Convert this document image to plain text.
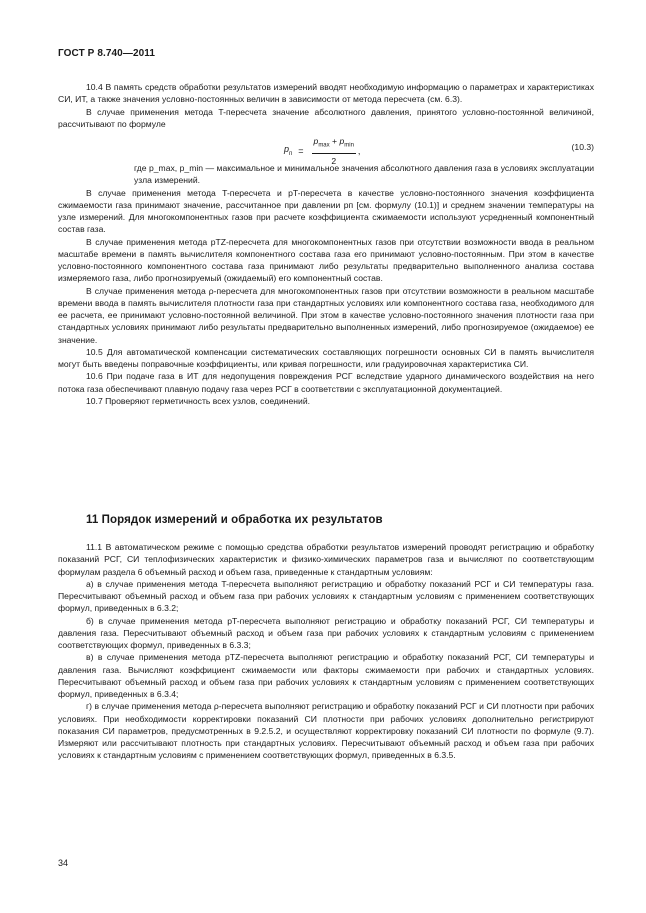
ГОСТ Р 8.740—2011

10.4 В память средств обработки результатов измерений вводят необходимую информацию о параметрах и характеристиках СИ, ИТ, а также значения условно-постоянных величин в зависимости от метода пересчета (см. 6.3).

В случае применения метода T-пересчета значение абсолютного давления, принятого условно-постоянной величиной, рассчитывают по формуле

$p_п = \frac{p_{max} + p_{min}}{2}$ ,	(10.3)

где p_max, p_min — максимальное и минимальное значения абсолютного давления газа в условиях эксплуатации узла измерений.

В случае применения метода T-пересчета и pT-пересчета в качестве условно-постоянного значения коэффициента сжимаемости газа принимают значение, рассчитанное при давлении pп [см. формулу (10.1)] и среднем значении температуры на узле измерений. Для многокомпонентных газов при расчете коэффициента сжимаемости используют усредненный компонентный состав газа.

В случае применения метода pTZ-пересчета для многокомпонентных газов при отсутствии возможности ввода в реальном масштабе времени в память вычислителя компонентного состава газа его принимают условно-постоянным. При этом в качестве условно-постоянного компонентного состава газа принимают либо результаты предварительно выполненного анализа состава измеряемого газа, либо прогнозируемый (ожидаемый) его компонентный состав.

В случае применения метода ρ-пересчета для многокомпонентных газов при отсутствии возможности в реальном масштабе времени ввода в память вычислителя плотности газа при стандартных условиях или компонентного состава газа, необходимого для ее расчета, ее принимают условно-постоянной величиной. При этом в качестве условно-постоянного значения плотности газа при стандартных условиях принимают либо результаты предварительно выполненных измерений, либо прогнозируемое (ожидаемое) ее значение.

10.5 Для автоматической компенсации систематических составляющих погрешности основных СИ в память вычислителя могут быть введены поправочные коэффициенты, или кривая погрешности, или градуировочная характеристика СИ.

10.6 При подаче газа в ИТ для недопущения повреждения РСГ вследствие ударного динамического воздействия на него потока газа обеспечивают плавную подачу газа через РСГ в соответствии с эксплуатационной документацией.

10.7 Проверяют герметичность всех узлов, соединений.

11 Порядок измерений и обработка их результатов

11.1 В автоматическом режиме с помощью средства обработки результатов измерений проводят регистрацию и обработку показаний РСГ, СИ теплофизических характеристик и физико-химических параметров газа и вычисляют по соответствующим формулам раздела 6 объемный расход и объем газа, приведенные к стандартным условиям:

а) в случае применения метода T-пересчета выполняют регистрацию и обработку показаний РСГ и СИ температуры газа. Пересчитывают объемный расход и объем газа при рабочих условиях к стандартным условиям с применением соответствующих формул, приведенных в 6.3.2;

б) в случае применения метода pT-пересчета выполняют регистрацию и обработку показаний РСГ, СИ температуры и давления газа. Пересчитывают объемный расход и объем газа при рабочих условиях к стандартным условиям с применением соответствующих формул, приведенных в 6.3.3;

в) в случае применения метода pTZ-пересчета выполняют регистрацию и обработку показаний РСГ, СИ температуры и давления газа. Вычисляют коэффициент сжимаемости или факторы сжимаемости при рабочих и стандартных условиях. Пересчитывают объемный расход и объем газа при рабочих условиях к стандартным условиям с применением соответствующих формул, приведенных в 6.3.4;

г) в случае применения метода ρ-пересчета выполняют регистрацию и обработку показаний РСГ и СИ плотности при рабочих условиях. При необходимости корректировки показаний СИ плотности при рабочих условиях дополнительно регистрируют показания СИ параметров, предусмотренных в 9.2.5.2, и осуществляют корректировку показаний СИ плотности по формуле (9.7). Измеряют или рассчитывают плотность при стандартных условиях. Пересчитывают объемный расход и объем газа при рабочих условиях к стандартным условиям с применением соответствующих формул, приведенных в 6.3.5.

34
